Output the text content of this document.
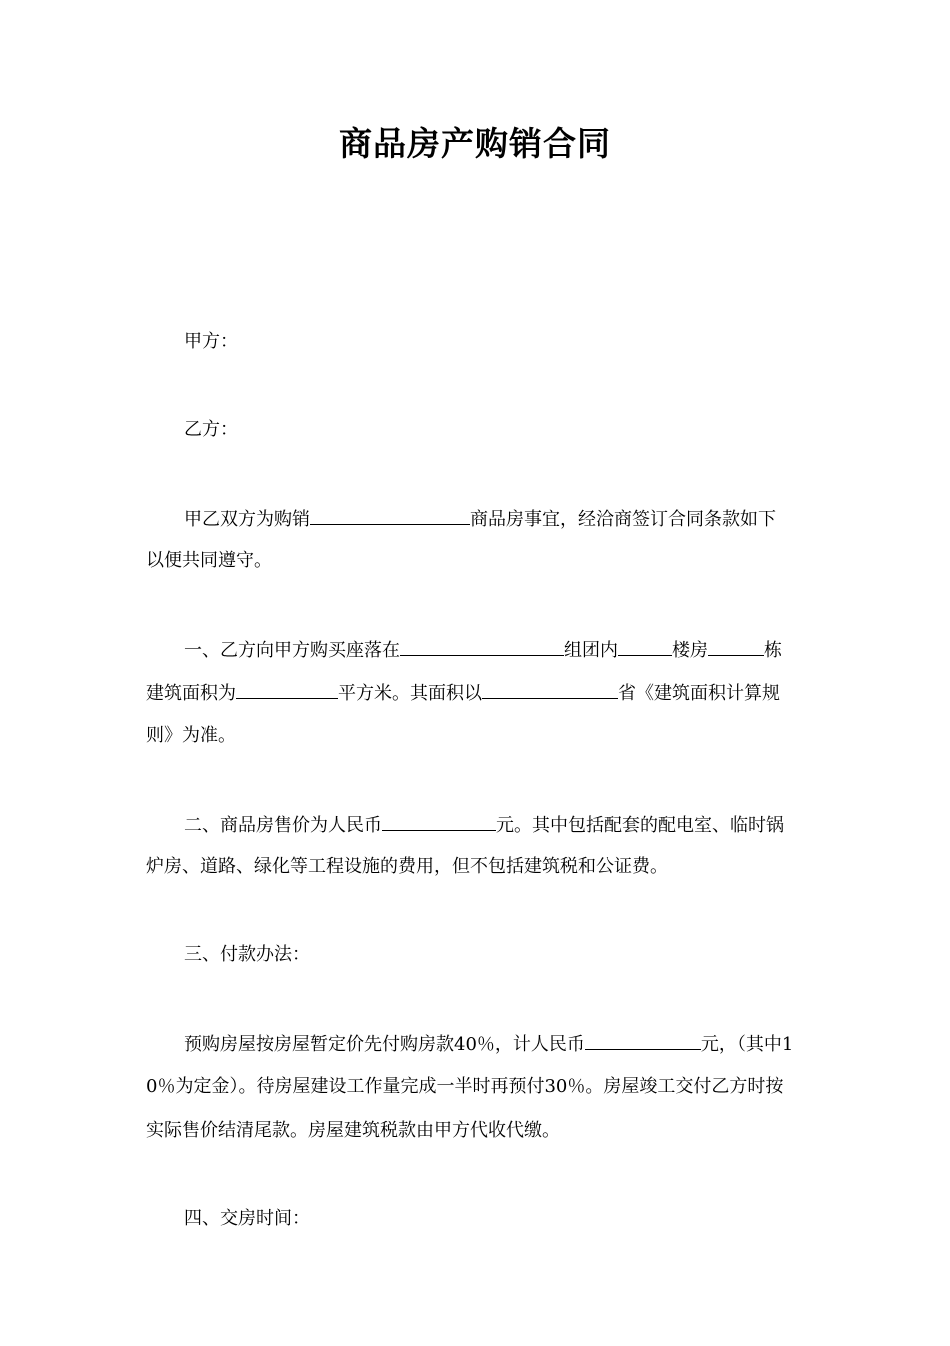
商品房产购销合同
甲方：
乙方：
甲乙双方为购销	商品房事宜，经洽商签订合同条款如下
以便共同遵守。
一、乙方向甲方购买座落在	组团内	楼房	栋
建筑面积为	平方米。其面积以	省《建筑面积计算规
则》为准。
二、商品房售价为人民币	元。其中包括配套的配电室、临时锅
炉房、道路、绿化等工程设施的费用，但不包括建筑税和公证费。
三、付款办法：
预购房屋按房屋暂定价先付购房款40％，计人民币	元，（其中1
0％为定金）。待房屋建设工作量完成一半时再预付30％。房屋竣工交付乙方时按
实际售价结清尾款。房屋建筑税款由甲方代收代缴。
四、交房时间：
